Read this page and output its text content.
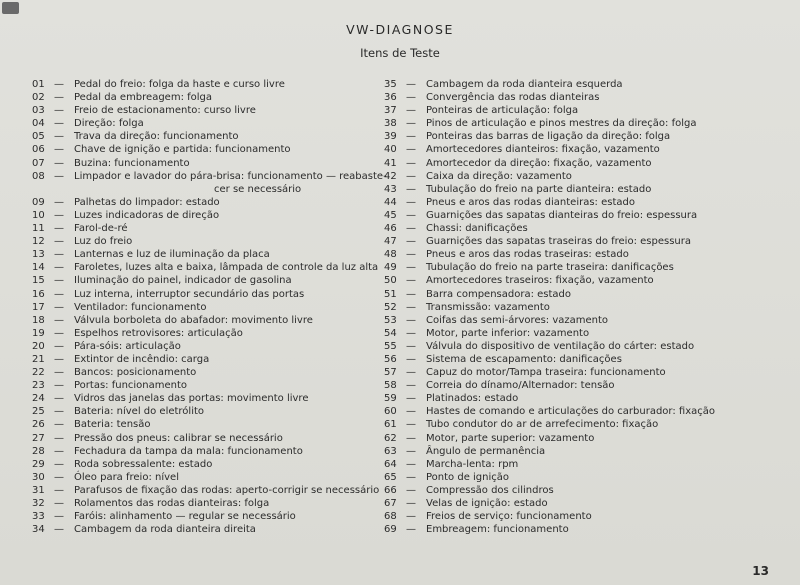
VW-DIAGNOSE
Itens de Teste
01 —	Pedal do freio: folga da haste e curso livre
02 —	Pedal da embreagem: folga
03 —	Freio de estacionamento: curso livre
04 —	Direção: folga
05 —	Trava da direção: funcionamento
06 —	Chave de ignição e partida: funcionamento
07 —	Buzina: funcionamento
08 —	Limpador e lavador do pára-brisa: funcionamento — reabaste-
cer se necessário
09 —	Palhetas do limpador: estado
10 —	Luzes indicadoras de direção
11 —	Farol-de-ré
12 —	Luz do freio
13 —	Lanternas e luz de iluminação da placa
14 —	Faroletes, luzes alta e baixa, lâmpada de controle da luz alta
15 —	Iluminação do painel, indicador de gasolina
16 —	Luz interna, interruptor secundário das portas
17 —	Ventilador: funcionamento
18 —	Válvula borboleta do abafador: movimento livre
19 —	Espelhos retrovisores: articulação
20 —	Pára-sóis: articulação
21 —	Extintor de incêndio: carga
22 —	Bancos: posicionamento
23 —	Portas: funcionamento
24 —	Vidros das janelas das portas: movimento livre
25 —	Bateria: nível do eletrólito
26 —	Bateria: tensão
27 —	Pressão dos pneus: calibrar se necessário
28 —	Fechadura da tampa da mala: funcionamento
29 —	Roda sobressalente: estado
30 —	Óleo para freio: nível
31 —	Parafusos de fixação das rodas: aperto-corrigir se necessário
32 —	Rolamentos das rodas dianteiras: folga
33 —	Faróis: alinhamento — regular se necessário
34 —	Cambagem da roda dianteira direita
35 —	Cambagem da roda dianteira esquerda
36 —	Convergência das rodas dianteiras
37 —	Ponteiras de articulação: folga
38 —	Pinos de articulação e pinos mestres da direção: folga
39 —	Ponteiras das barras de ligação da direção: folga
40 —	Amortecedores dianteiros: fixação, vazamento
41 —	Amortecedor da direção: fixação, vazamento
42 —	Caixa da direção: vazamento
43 —	Tubulação do freio na parte dianteira: estado
44 —	Pneus e aros das rodas dianteiras: estado
45 —	Guarnições das sapatas dianteiras do freio: espessura
46 —	Chassi: danificações
47 —	Guarnições das sapatas traseiras do freio: espessura
48 —	Pneus e aros das rodas traseiras: estado
49 —	Tubulação do freio na parte traseira: danificações
50 —	Amortecedores traseiros: fixação, vazamento
51 —	Barra compensadora: estado
52 —	Transmissão: vazamento
53 —	Coifas das semi-árvores: vazamento
54 —	Motor, parte inferior: vazamento
55 —	Válvula do dispositivo de ventilação do cárter: estado
56 —	Sistema de escapamento: danificações
57 —	Capuz do motor/Tampa traseira: funcionamento
58 —	Correia do dínamo/Alternador: tensão
59 —	Platinados: estado
60 —	Hastes de comando e articulações do carburador: fixação
61 —	Tubo condutor do ar de arrefecimento: fixação
62 —	Motor, parte superior: vazamento
63 —	Ângulo de permanência
64 —	Marcha-lenta: rpm
65 —	Ponto de ignição
66 —	Compressão dos cilindros
67 —	Velas de ignição: estado
68 —	Freios de serviço: funcionamento
69 —	Embreagem: funcionamento
13
